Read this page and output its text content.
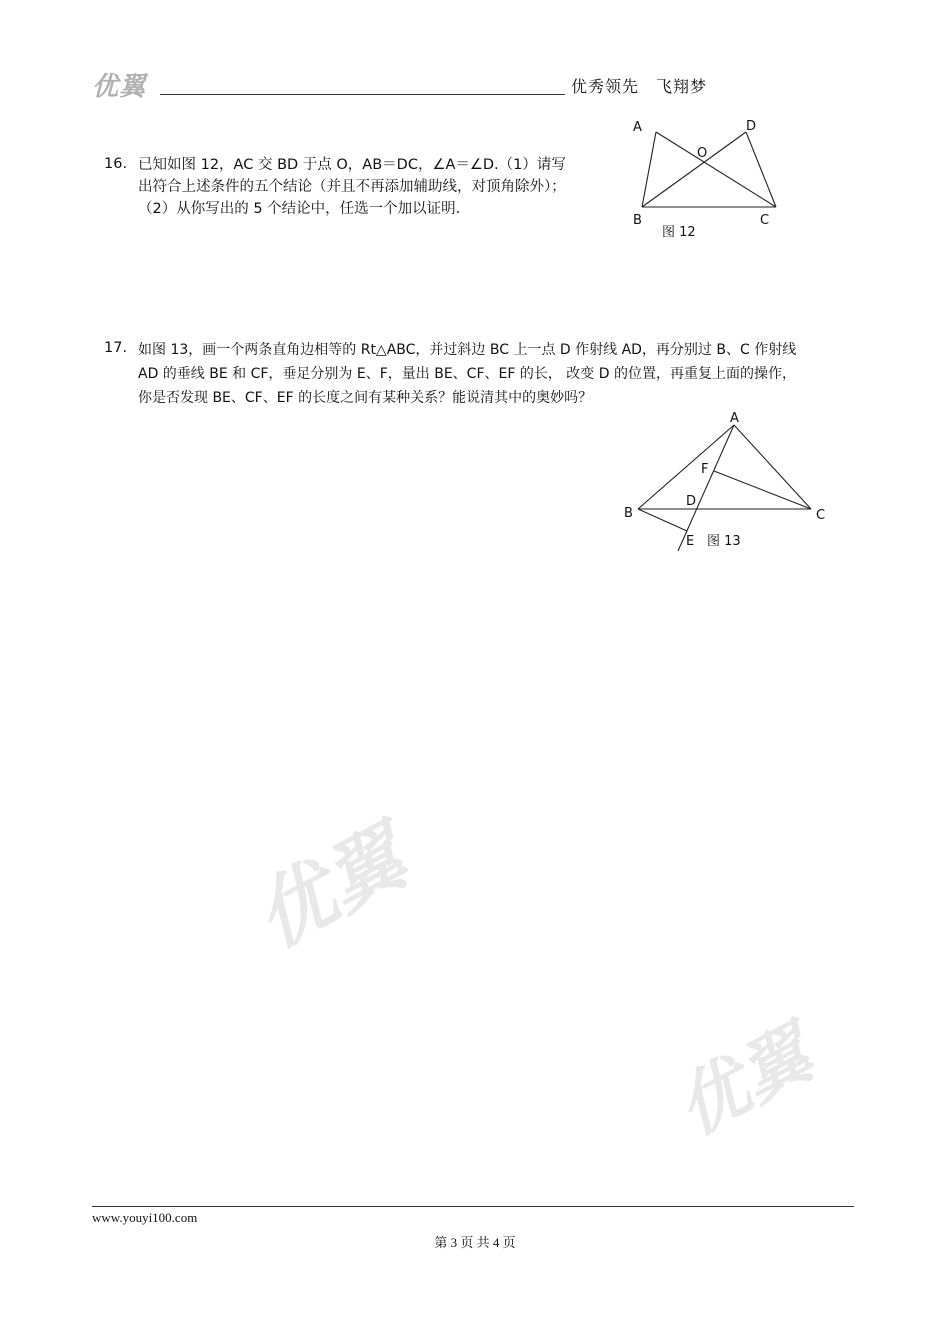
优翼	优秀领先　飞翔梦
优翼
优翼
16. 已知如图 12，AC 交 BD 于点 O，AB＝DC，∠A＝∠D.（1）请写
出符合上述条件的五个结论（并且不再添加辅助线，对顶角除外）；
（2）从你写出的 5 个结论中，任选一个加以证明.
A	D
O
B	C
图 12
17. 如图 13，画一个两条直角边相等的 Rt△ABC，并过斜边 BC 上一点 D 作射线 AD，再分别过 B、C 作射线
AD 的垂线 BE 和 CF，垂足分别为 E、F，量出 BE、CF、EF 的长， 改变 D 的位置，再重复上面的操作，
你是否发现 BE、CF、EF 的长度之间有某种关系？能说清其中的奥妙吗？
A
F
D
B	C
E 图 13
www.youyi100.com
第 3 页 共 4 页
